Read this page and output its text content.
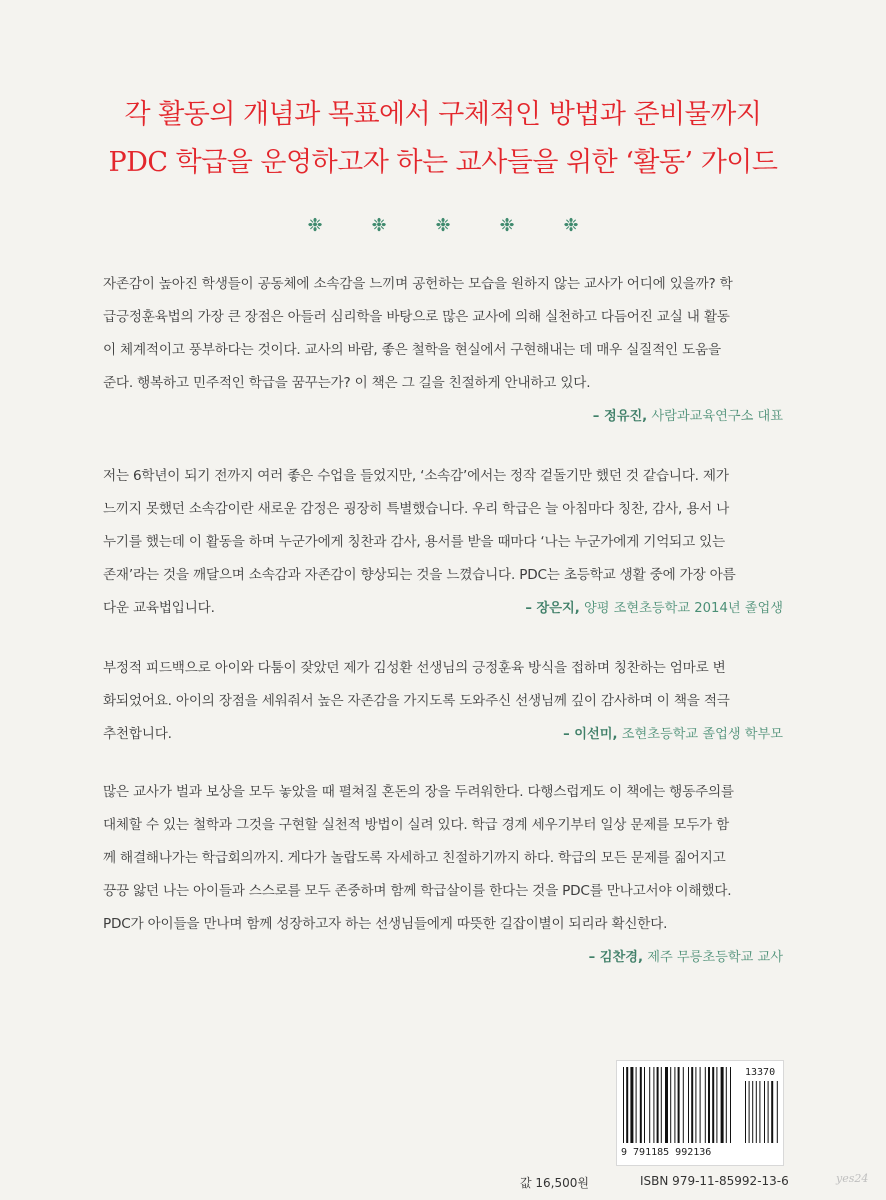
각 활동의 개념과 목표에서 구체적인 방법과 준비물까지
PDC 학급을 운영하고자 하는 교사들을 위한 ‘활동’ 가이드
❉	❉	❉	❉	❉
자존감이 높아진 학생들이 공동체에 소속감을 느끼며 공헌하는 모습을 원하지 않는 교사가 어디에 있을까? 학
급긍정훈육법의 가장 큰 장점은 아들러 심리학을 바탕으로 많은 교사에 의해 실천하고 다듬어진 교실 내 활동
이 체계적이고 풍부하다는 것이다. 교사의 바람, 좋은 철학을 현실에서 구현해내는 데 매우 실질적인 도움을
준다. 행복하고 민주적인 학급을 꿈꾸는가? 이 책은 그 길을 친절하게 안내하고 있다.
– 정유진, 사람과교육연구소 대표
저는 6학년이 되기 전까지 여러 좋은 수업을 들었지만, ‘소속감’에서는 정작 겉돌기만 했던 것 같습니다. 제가
느끼지 못했던 소속감이란 새로운 감정은 굉장히 특별했습니다. 우리 학급은 늘 아침마다 칭찬, 감사, 용서 나
누기를 했는데 이 활동을 하며 누군가에게 칭찬과 감사, 용서를 받을 때마다 ‘나는 누군가에게 기억되고 있는
존재’라는 것을 깨달으며 소속감과 자존감이 향상되는 것을 느꼈습니다. PDC는 초등학교 생활 중에 가장 아름
다운 교육법입니다.	– 장은지, 양평 조현초등학교 2014년 졸업생
부정적 피드백으로 아이와 다툼이 잦았던 제가 김성환 선생님의 긍정훈육 방식을 접하며 칭찬하는 엄마로 변
화되었어요. 아이의 장점을 세워줘서 높은 자존감을 가지도록 도와주신 선생님께 깊이 감사하며 이 책을 적극
추천합니다.	– 이선미, 조현초등학교 졸업생 학부모
많은 교사가 벌과 보상을 모두 놓았을 때 펼쳐질 혼돈의 장을 두려워한다. 다행스럽게도 이 책에는 행동주의를
대체할 수 있는 철학과 그것을 구현할 실천적 방법이 실려 있다. 학급 경계 세우기부터 일상 문제를 모두가 함
께 해결해나가는 학급회의까지. 게다가 놀랍도록 자세하고 친절하기까지 하다. 학급의 모든 문제를 짊어지고
끙끙 앓던 나는 아이들과 스스로를 모두 존중하며 함께 학급살이를 한다는 것을 PDC를 만나고서야 이해했다.
PDC가 아이들을 만나며 함께 성장하고자 하는 선생님들에게 따뜻한 길잡이별이 되리라 확신한다.
– 김찬경, 제주 무릉초등학교 교사
13370
9 791185 992136
값 16,500원	ISBN 979-11-85992-13-6	yes24
